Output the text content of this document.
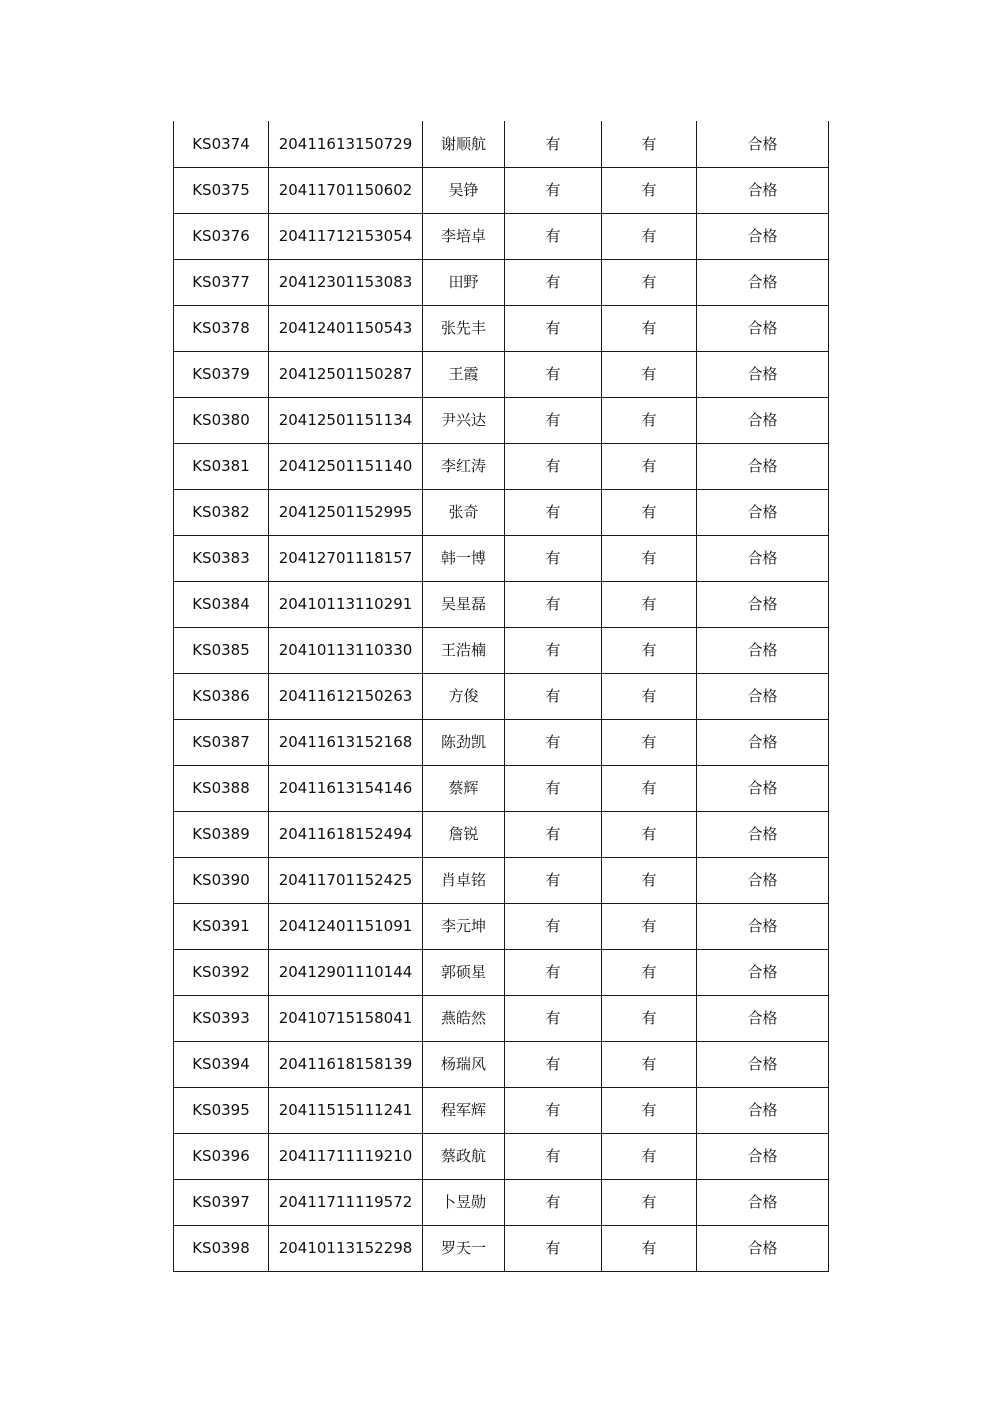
KS0374	20411613150729	谢顺航	有	有	合格
KS0375	20411701150602	吴铮	有	有	合格
KS0376	20411712153054	李培卓	有	有	合格
KS0377	20412301153083	田野	有	有	合格
KS0378	20412401150543	张先丰	有	有	合格
KS0379	20412501150287	王霞	有	有	合格
KS0380	20412501151134	尹兴达	有	有	合格
KS0381	20412501151140	李红涛	有	有	合格
KS0382	20412501152995	张奇	有	有	合格
KS0383	20412701118157	韩一博	有	有	合格
KS0384	20410113110291	吴星磊	有	有	合格
KS0385	20410113110330	王浩楠	有	有	合格
KS0386	20411612150263	方俊	有	有	合格
KS0387	20411613152168	陈劲凯	有	有	合格
KS0388	20411613154146	蔡辉	有	有	合格
KS0389	20411618152494	詹锐	有	有	合格
KS0390	20411701152425	肖卓铭	有	有	合格
KS0391	20412401151091	李元坤	有	有	合格
KS0392	20412901110144	郭硕星	有	有	合格
KS0393	20410715158041	燕皓然	有	有	合格
KS0394	20411618158139	杨瑞风	有	有	合格
KS0395	20411515111241	程军辉	有	有	合格
KS0396	20411711119210	蔡政航	有	有	合格
KS0397	20411711119572	卜昱勋	有	有	合格
KS0398	20410113152298	罗天一	有	有	合格
